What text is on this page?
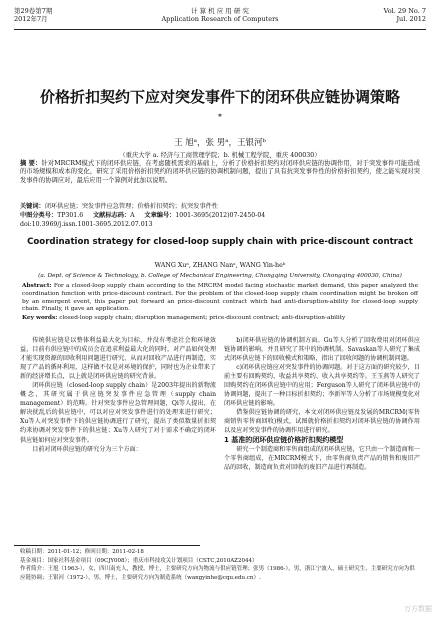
第29卷第7期
2012年7月
计 算 机 应 用 研 究
Application Research of Computers
Vol. 29 No. 7
Jul. 2012
价格折扣契约下应对突发事件下的闭环供应链协调策略*
王 旭ᵃ，张 男ᵃ，王银河ᵇ
（重庆大学 a. 经济与工商管理学院；b. 机械工程学院，重庆 400030）
摘 要：针对MRCRM模式下的闭环供应链，在考虑随机需求的基础上，分析了价格折扣契约对闭环供应链的协调作用，对于突发事件可能造成的市场规模和成本的变化，研究了采用价格折扣契约的闭环供应链的协调机制问题，提出了具有抗突发事件性的价格折扣契约，使之能实现对突发事件的协调应对，最后应用一个算例对此加以说明。
关键词：闭环供应链；突发事件应急管理；价格折扣契约；抗突发事件性
中图分类号：TP301.6 文献标志码：A 文章编号：1001-3695(2012)07-2450-04
doi:10.3969/j.issn.1001-3695.2012.07.013
Coordination strategy for closed-loop supply chain with price-discount contract
WANG Xuᵃ, ZHANG Nanᵃ, WANG Yin-heᵇ
(a. Dept. of Science & Technology, b. College of Mechanical Engineering, Chongqing University, Chongqing 400030, China)
Abstract: For a closed-loop supply chain according to the MRCRM model facing stochastic market demand, this paper analyzed the coordination function with price-discount contract. For the problem of the closed-loop supply chain coordination might be broken off by an emergent event, this paper put forward an price-discount contract which had anti-disruption-ability for closed-loop supply chain. Finally, it gave an application.
Key words: closed-loop supply chain; disruption management; price-discount contract; anti-disruption-ability

传统供应链是以整体利益最大化为目标，并没有考虑社会和环境效益，目前有供应链中的成员会在追求利益最大化的同时，对产品如何处理才能实现资源的回收利用问题进行研究，从而对回收产品进行再制造，实现了产品的循环利用，这样做不仅是对环境的保护，同时也为企业带来了新的经济增长点，以上就是闭环供应链的研究背景。

闭环供应链（closed-loop supply chain）是2003年提出的新物流概念，其研究属于供应链突发事件应急管理（supply chain management）的范畴。针对突发事件应急管理问题，Qi等人提出，在解决扰乱后的供应链中，可以对应对突发事件进行的处理来进行研究；Xu等人对突发事件下的供应链协调进行了研究，提出了类似数量折扣契约来协调对突发事件下的供应链；Xu等人研究了对于需求不确定的闭环供应链如何应对突发事件。

目前对闭环供应链的研究分为三个方面：

b)闭环供应链的协调机制方面。Gu等人分析了回收费用对闭环供应链协调的影响，并且研究了其中的协调机制。Savaskan等人研究了集成式闭环供应链下的回收模式和策略，指出了回收问题的协调机制问题。

c)闭环供应链应对突发事件的协调问题。对于这方面的研究较少，目前主要有回购契约、收益共享契约、收入共享契约等。王玉燕等人研究了回购契约在闭环供应链中的应用；Ferguson等人研究了闭环供应链中的协调问题，提出了一种目标折扣契约；李新军等人分析了市场规模变化对闭环供应链的影响。

借鉴供应链协调的研究，本文对闭环供应链及发展的MRCRM(零售商销售零售商回收)模式，试图就价格折扣契约对闭环供应链的协调作用以及应对突发事件的协调作用进行研究。

1 基准的闭环供应链价格折扣契约模型

研究一个制造商和零售商组成的闭环供应链，它只由一个制造商和一个零售商组成，在MRCRM模式下，由零售商负责产品的销售和废旧产品的回收，制造商负责对回收的废旧产品进行再制造。

收稿日期：2011-01-12；修回日期：2011-02-18
基金项目：国家社科基金项目（09CJY008）；重庆市科技攻关计划项目（CSTC,2010AZ2044）
作者简介：王旭（1963-），女，四川南充人，教授，博士，主要研究方向为物流与供应链管理；张男（1986-），男，浙江宁波人，硕士研究生，主要研究方向为供应链协调；王银河（1972-），男，博士，主要研究方向为制造系统（wangyinhe@cqu.edu.cn）.
万方数据
